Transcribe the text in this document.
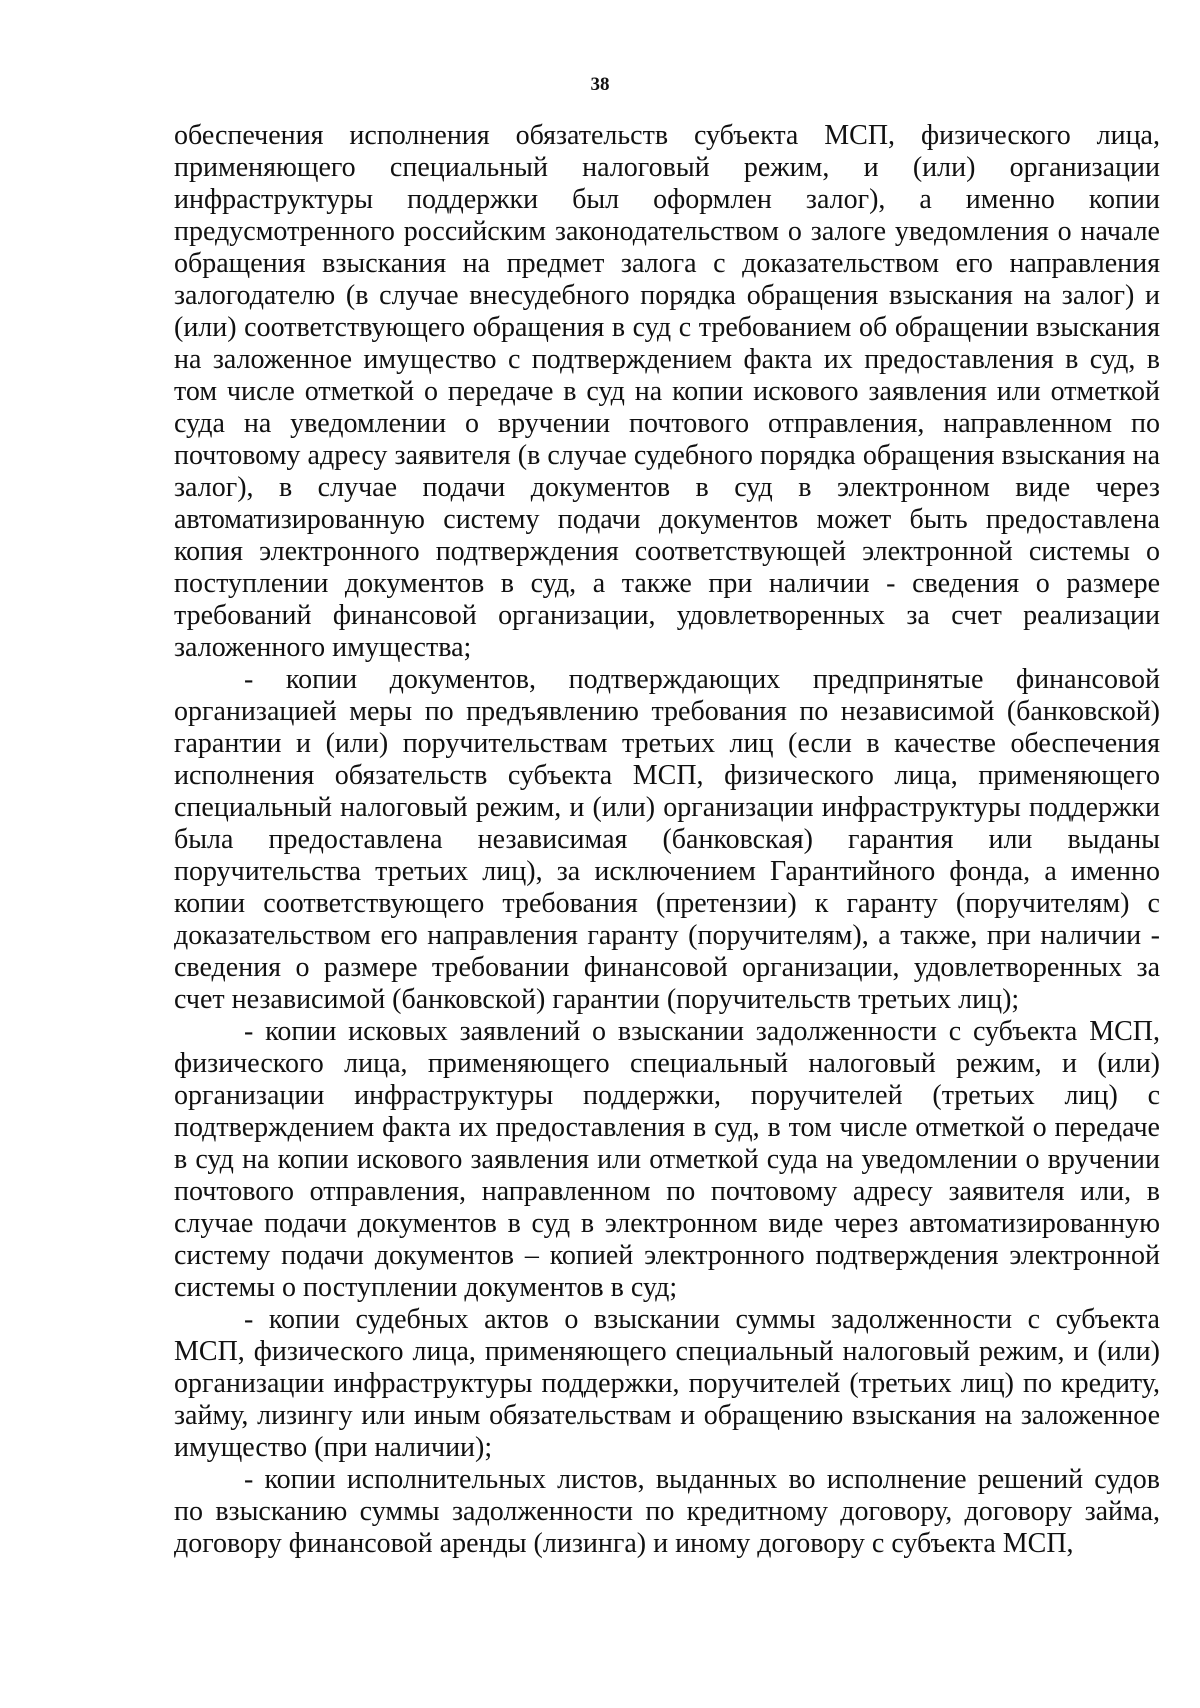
38

обеспечения исполнения обязательств субъекта МСП, физического лица, применяющего специальный налоговый режим, и (или) организации инфраструктуры поддержки был оформлен залог), а именно копии предусмотренного российским законодательством о залоге уведомления о начале обращения взыскания на предмет залога с доказательством его направления залогодателю (в случае внесудебного порядка обращения взыскания на залог) и (или) соответствующего обращения в суд с требованием об обращении взыскания на заложенное имущество с подтверждением факта их предоставления в суд, в том числе отметкой о передаче в суд на копии искового заявления или отметкой суда на уведомлении о вручении почтового отправления, направленном по почтовому адресу заявителя (в случае судебного порядка обращения взыскания на залог), в случае подачи документов в суд в электронном виде через автоматизированную систему подачи документов может быть предоставлена копия электронного подтверждения соответствующей электронной системы о поступлении документов в суд, а также при наличии - сведения о размере требований финансовой организации, удовлетворенных за счет реализации заложенного имущества;

- копии документов, подтверждающих предпринятые финансовой организацией меры по предъявлению требования по независимой (банковской) гарантии и (или) поручительствам третьих лиц (если в качестве обеспечения исполнения обязательств субъекта МСП, физического лица, применяющего специальный налоговый режим, и (или) организации инфраструктуры поддержки была предоставлена независимая (банковская) гарантия или выданы поручительства третьих лиц), за исключением Гарантийного фонда, а именно копии соответствующего требования (претензии) к гаранту (поручителям) с доказательством его направления гаранту (поручителям), а также, при наличии - сведения о размере требовании финансовой организации, удовлетворенных за счет независимой (банковской) гарантии (поручительств третьих лиц);

- копии исковых заявлений о взыскании задолженности с субъекта МСП, физического лица, применяющего специальный налоговый режим, и (или) организации инфраструктуры поддержки, поручителей (третьих лиц) с подтверждением факта их предоставления в суд, в том числе отметкой о передаче в суд на копии искового заявления или отметкой суда на уведомлении о вручении почтового отправления, направленном по почтовому адресу заявителя или, в случае подачи документов в суд в электронном виде через автоматизированную систему подачи документов – копией электронного подтверждения электронной системы о поступлении документов в суд;

- копии судебных актов о взыскании суммы задолженности с субъекта МСП, физического лица, применяющего специальный налоговый режим, и (или) организации инфраструктуры поддержки, поручителей (третьих лиц) по кредиту, займу, лизингу или иным обязательствам и обращению взыскания на заложенное имущество (при наличии);

- копии исполнительных листов, выданных во исполнение решений судов по взысканию суммы задолженности по кредитному договору, договору займа, договору финансовой аренды (лизинга) и иному договору с субъекта МСП,
